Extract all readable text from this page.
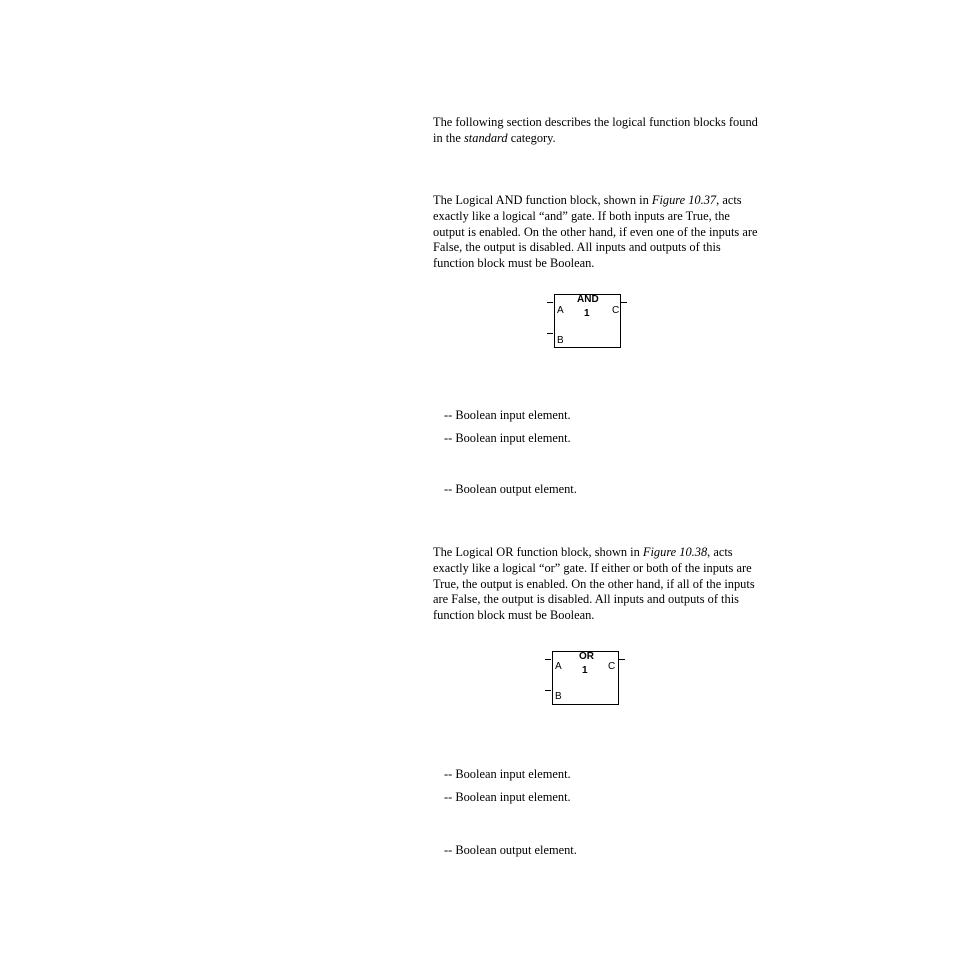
The following section describes the logical function blocks found in the standard category.

The Logical AND function block, shown in Figure 10.37, acts exactly like a logical “and” gate. If both inputs are True, the output is enabled. On the other hand, if even one of the inputs are False, the output is disabled. All inputs and outputs of this function block must be Boolean.

AND
1
A
B
C
-- Boolean input element.
-- Boolean input element.
-- Boolean output element.

The Logical OR function block, shown in Figure 10.38, acts exactly like a logical “or” gate. If either or both of the inputs are True, the output is enabled. On the other hand, if all of the inputs are False, the output is disabled. All inputs and outputs of this function block must be Boolean.

OR
1
A
B
C
-- Boolean input element.
-- Boolean input element.
-- Boolean output element.
